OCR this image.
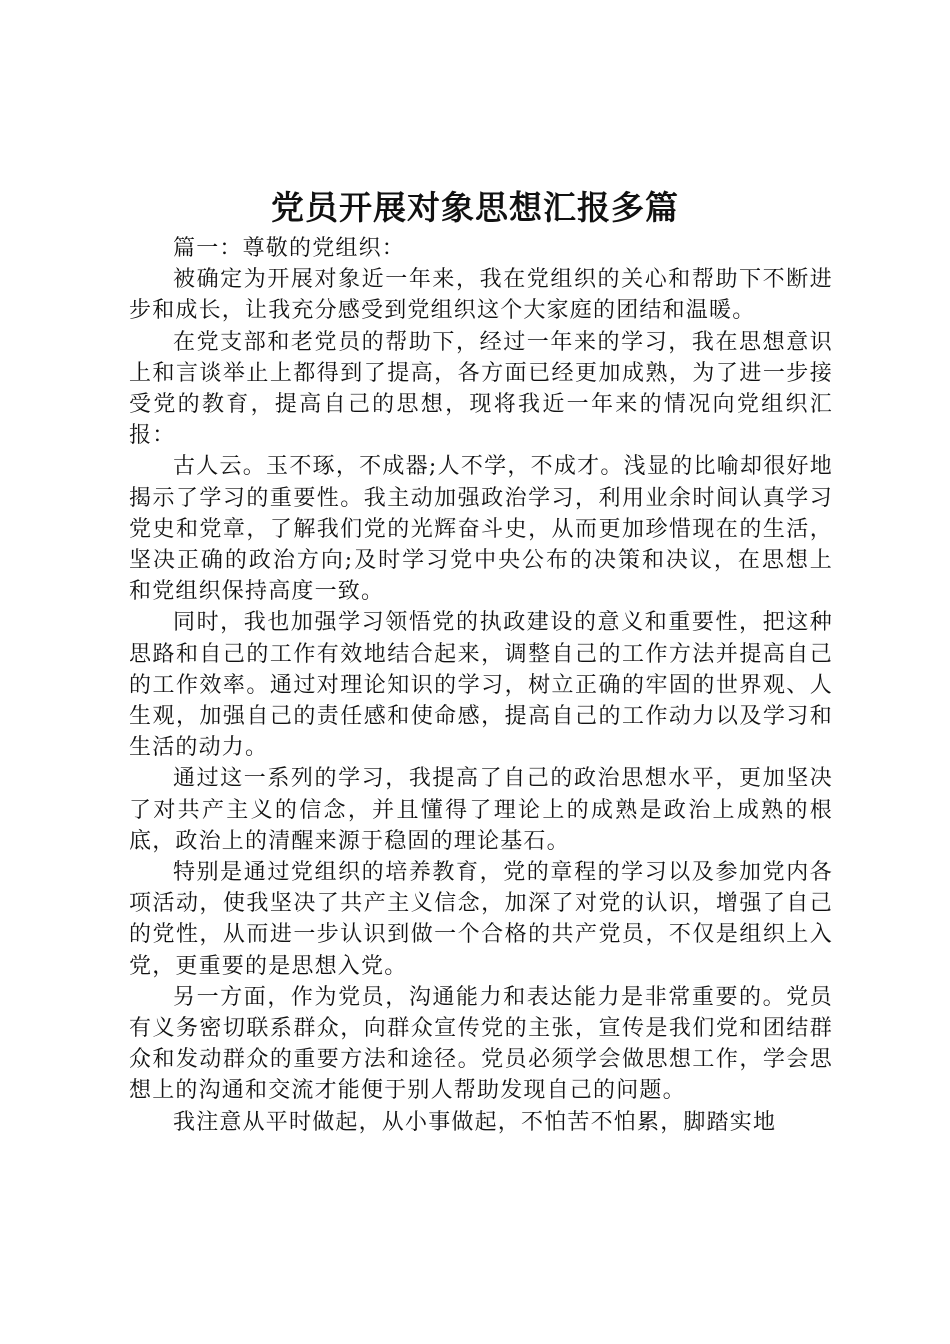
党员开展对象思想汇报多篇

篇一：尊敬的党组织：

被确定为开展对象近一年来，我在党组织的关心和帮助下不断进步和成长，让我充分感受到党组织这个大家庭的团结和温暖。

在党支部和老党员的帮助下，经过一年来的学习，我在思想意识上和言谈举止上都得到了提高，各方面已经更加成熟，为了进一步接受党的教育，提高自己的思想，现将我近一年来的情况向党组织汇报：

古人云。玉不琢，不成器;人不学，不成才。浅显的比喻却很好地揭示了学习的重要性。我主动加强政治学习，利用业余时间认真学习党史和党章，了解我们党的光辉奋斗史，从而更加珍惜现在的生活，坚决正确的政治方向;及时学习党中央公布的决策和决议，在思想上和党组织保持高度一致。

同时，我也加强学习领悟党的执政建设的意义和重要性，把这种思路和自己的工作有效地结合起来，调整自己的工作方法并提高自己的工作效率。通过对理论知识的学习，树立正确的牢固的世界观、人生观，加强自己的责任感和使命感，提高自己的工作动力以及学习和生活的动力。

通过这一系列的学习，我提高了自己的政治思想水平，更加坚决了对共产主义的信念，并且懂得了理论上的成熟是政治上成熟的根底，政治上的清醒来源于稳固的理论基石。

特别是通过党组织的培养教育，党的章程的学习以及参加党内各项活动，使我坚决了共产主义信念，加深了对党的认识，增强了自己的党性，从而进一步认识到做一个合格的共产党员，不仅是组织上入党，更重要的是思想入党。

另一方面，作为党员，沟通能力和表达能力是非常重要的。党员有义务密切联系群众，向群众宣传党的主张，宣传是我们党和团结群众和发动群众的重要方法和途径。党员必须学会做思想工作，学会思想上的沟通和交流才能便于别人帮助发现自己的问题。

我注意从平时做起，从小事做起，不怕苦不怕累，脚踏实地
